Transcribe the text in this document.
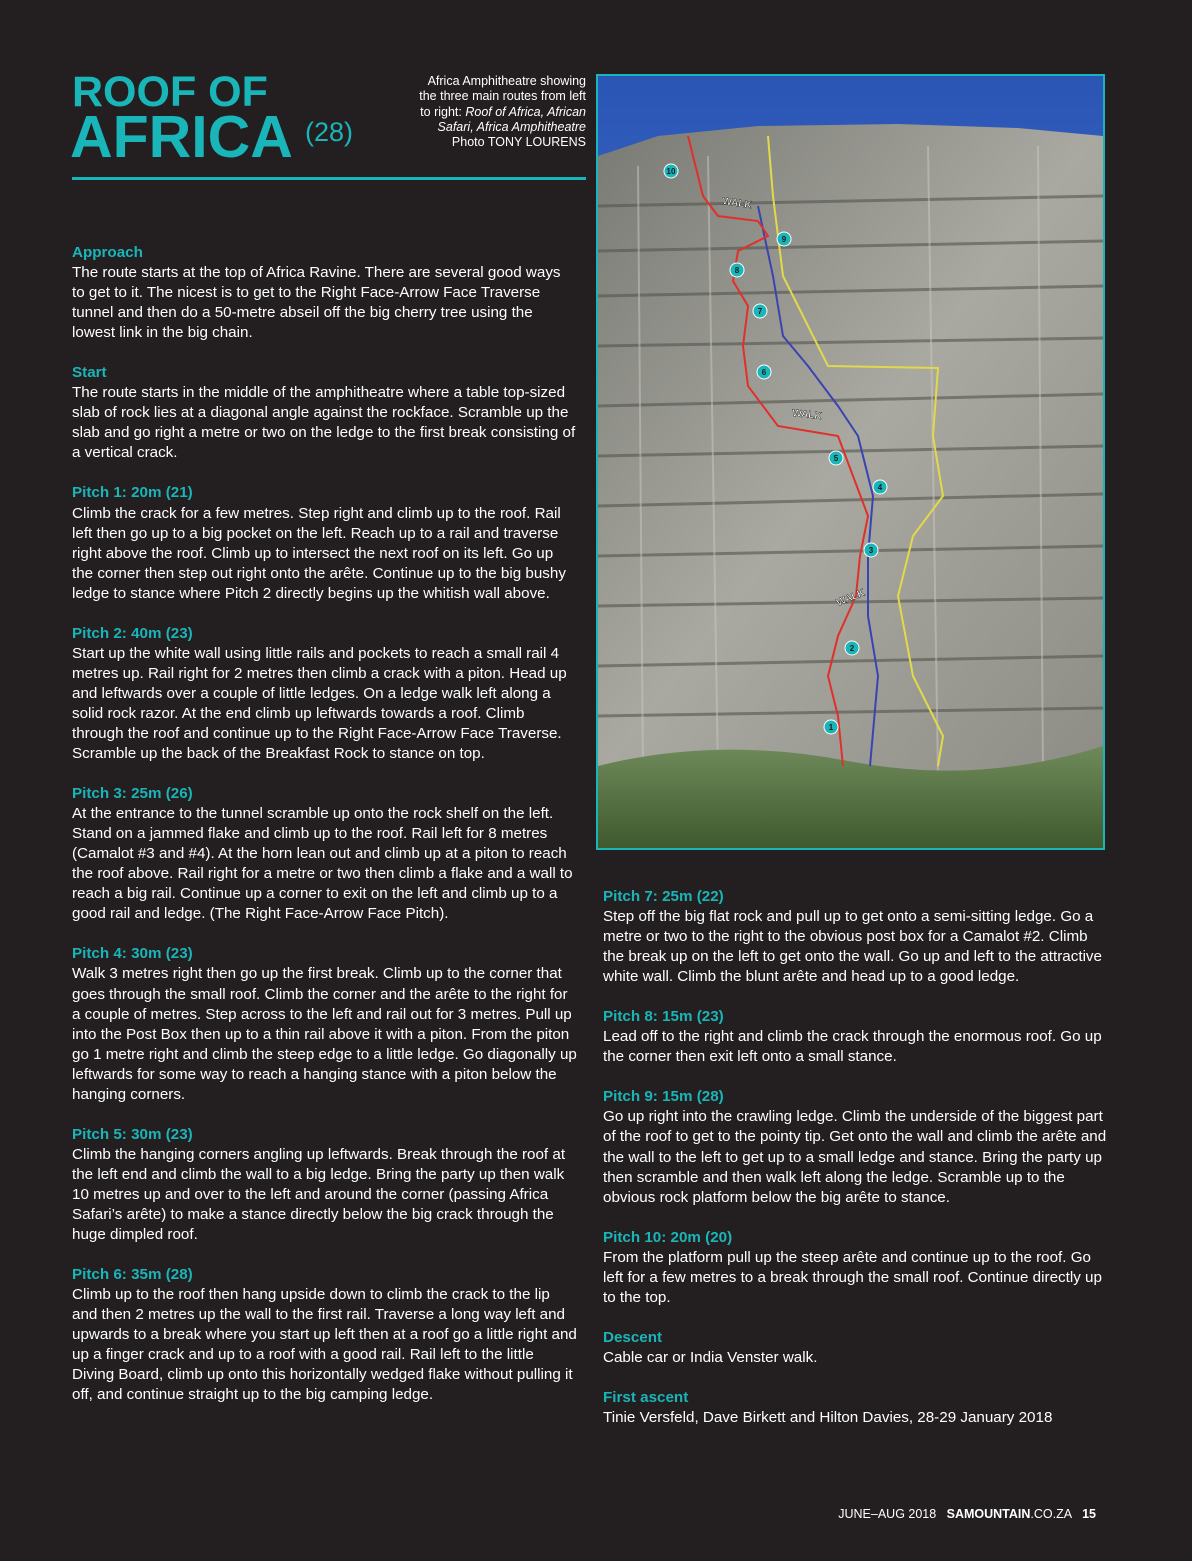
ROOF OF
AFRICA (28)
Africa Amphitheatre showing
the three main routes from left
to right: Roof of Africa, African
Safari, Africa Amphitheatre
Photo TONY LOURENS
1
2
3
4
5
6
7
8
9
10
WALK
WALK
WALK
Approach

The route starts at the top of Africa Ravine. There are several good ways to get to it. The nicest is to get to the Right Face-Arrow Face Traverse tunnel and then do a 50-metre abseil off the big cherry tree using the lowest link in the big chain.

Start

The route starts in the middle of the amphitheatre where a table top-sized slab of rock lies at a diagonal angle against the rockface. Scramble up the slab and go right a metre or two on the ledge to the first break consisting of a vertical crack.

Pitch 1: 20m (21)

Climb the crack for a few metres. Step right and climb up to the roof. Rail left then go up to a big pocket on the left. Reach up to a rail and traverse right above the roof. Climb up to intersect the next roof on its left. Go up the corner then step out right onto the arête. Continue up to the big bushy ledge to stance where Pitch 2 directly begins up the whitish wall above.

Pitch 2: 40m (23)

Start up the white wall using little rails and pockets to reach a small rail 4 metres up. Rail right for 2 metres then climb a crack with a piton. Head up and leftwards over a couple of little ledges. On a ledge walk left along a solid rock razor. At the end climb up leftwards towards a roof. Climb through the roof and continue up to the Right Face-Arrow Face Traverse. Scramble up the back of the Breakfast Rock to stance on top.

Pitch 3: 25m (26)

At the entrance to the tunnel scramble up onto the rock shelf on the left. Stand on a jammed flake and climb up to the roof. Rail left for 8 metres (Camalot #3 and #4). At the horn lean out and climb up at a piton to reach the roof above. Rail right for a metre or two then climb a flake and a wall to reach a big rail. Continue up a corner to exit on the left and climb up to a good rail and ledge. (The Right Face-Arrow Face Pitch).

Pitch 4: 30m (23)

Walk 3 metres right then go up the first break. Climb up to the corner that goes through the small roof. Climb the corner and the arête to the right for a couple of metres. Step across to the left and rail out for 3 metres. Pull up into the Post Box then up to a thin rail above it with a piton. From the piton go 1 metre right and climb the steep edge to a little ledge. Go diagonally up leftwards for some way to reach a hanging stance with a piton below the hanging corners.

Pitch 5: 30m (23)

Climb the hanging corners angling up leftwards. Break through the roof at the left end and climb the wall to a big ledge. Bring the party up then walk 10 metres up and over to the left and around the corner (passing Africa Safari’s arête) to make a stance directly below the big crack through the huge dimpled roof.

Pitch 6: 35m (28)

Climb up to the roof then hang upside down to climb the crack to the lip and then 2 metres up the wall to the first rail. Traverse a long way left and upwards to a break where you start up left then at a roof go a little right and up a finger crack and up to a roof with a good rail. Rail left to the little Diving Board, climb up onto this horizontally wedged flake without pulling it off, and continue straight up to the big camping ledge.

Pitch 7: 25m (22)

Step off the big flat rock and pull up to get onto a semi-sitting ledge. Go a metre or two to the right to the obvious post box for a Camalot #2. Climb the break up on the left to get onto the wall. Go up and left to the attractive white wall. Climb the blunt arête and head up to a good ledge.

Pitch 8: 15m (23)

Lead off to the right and climb the crack through the enormous roof. Go up the corner then exit left onto a small stance.

Pitch 9: 15m (28)

Go up right into the crawling ledge. Climb the underside of the biggest part of the roof to get to the pointy tip. Get onto the wall and climb the arête and the wall to the left to get up to a small ledge and stance. Bring the party up then scramble and then walk left along the ledge. Scramble up to the obvious rock platform below the big arête to stance.

Pitch 10: 20m (20)

From the platform pull up the steep arête and continue up to the roof. Go left for a few metres to a break through the small roof. Continue directly up to the top.

Descent

Cable car or India Venster walk.

First ascent

Tinie Versfeld, Dave Birkett and Hilton Davies, 28-29 January 2018

JUNE–AUG 2018 SAMOUNTAIN.CO.ZA 15
